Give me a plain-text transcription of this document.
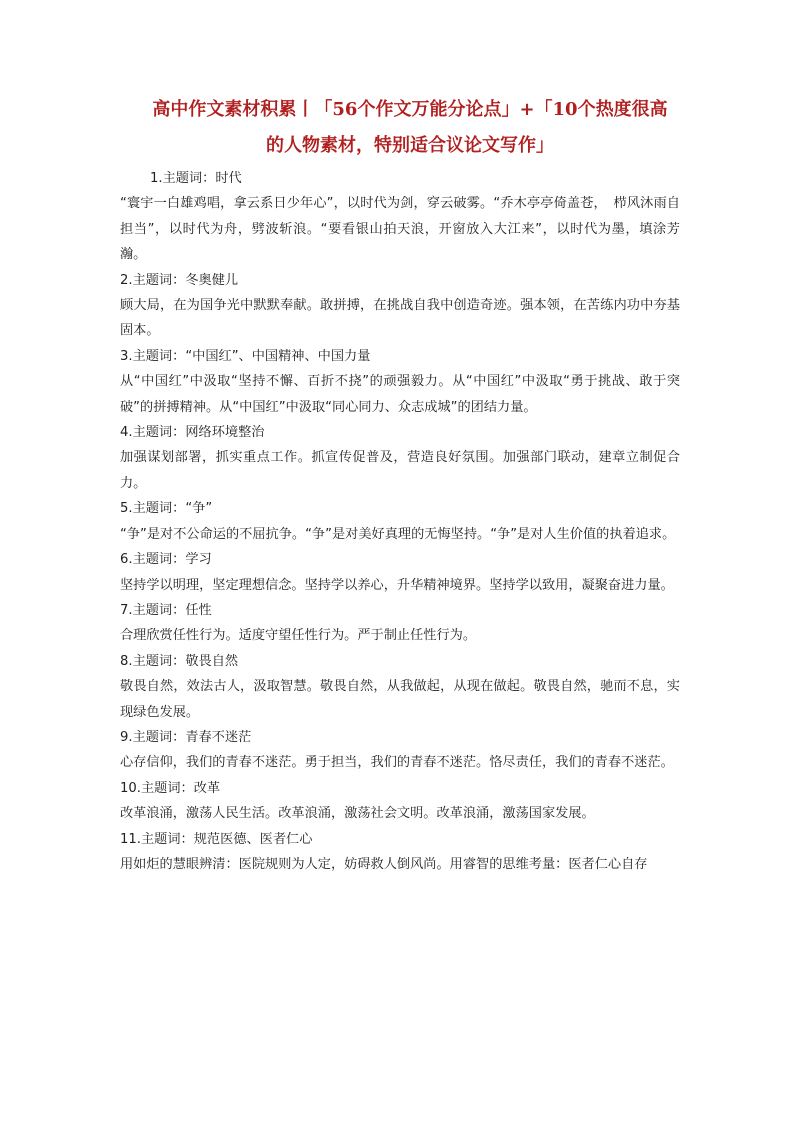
高中作文素材积累丨「56个作文万能分论点」+「10个热度很高
的人物素材，特别适合议论文写作」
1.主题词：时代
“寰宇一白雄鸡唱，拿云系日少年心”，以时代为剑，穿云破雾。“乔木亭亭倚盖苍，　栉风沐雨自担当”，以时代为舟，劈波斩浪。“要看银山拍天浪，开窗放入大江来”，以时代为墨，填涂芳瀚。
2.主题词：冬奥健儿
顾大局，在为国争光中默默奉献。敢拼搏，在挑战自我中创造奇迹。强本领，在苦练内功中夯基固本。
3.主题词：“中国红”、中国精神、中国力量
从“中国红”中汲取“坚持不懈、百折不挠”的顽强毅力。从“中国红”中汲取“勇于挑战、敢于突破”的拼搏精神。从“中国红”中汲取“同心同力、众志成城”的团结力量。
4.主题词：网络环境整治
加强谋划部署，抓实重点工作。抓宣传促普及，营造良好氛围。加强部门联动，建章立制促合力。
5.主题词：“争”
“争”是对不公命运的不屈抗争。“争”是对美好真理的无悔坚持。“争”是对人生价值的执着追求。
6.主题词：学习
坚持学以明理，坚定理想信念。坚持学以养心，升华精神境界。坚持学以致用，凝聚奋进力量。
7.主题词：任性
合理欣赏任性行为。适度守望任性行为。严于制止任性行为。
8.主题词：敬畏自然
敬畏自然，效法古人，汲取智慧。敬畏自然，从我做起，从现在做起。敬畏自然，驰而不息，实现绿色发展。
9.主题词：青春不迷茫
心存信仰，我们的青春不迷茫。勇于担当，我们的青春不迷茫。恪尽责任，我们的青春不迷茫。
10.主题词：改革
改革浪涌，激荡人民生活。改革浪涌，激荡社会文明。改革浪涌，激荡国家发展。
11.主题词：规范医德、医者仁心
用如炬的慧眼辨清：医院规则为人定，妨碍救人倒风尚。用睿智的思维考量：医者仁心自存
